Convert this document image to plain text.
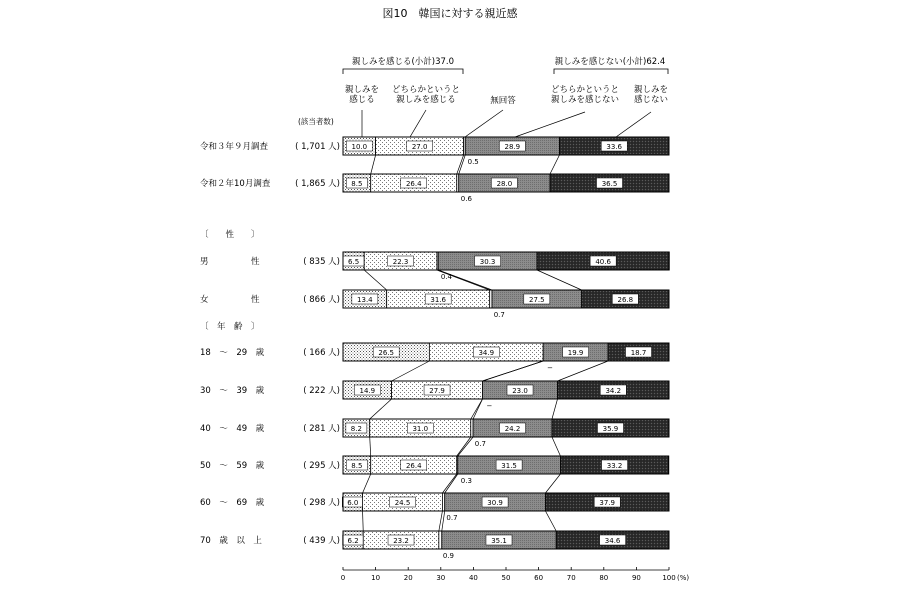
図10　韓国に対する親近感
(該当者数)
親しみを感じる(小計)37.0	親しみを感じない(小計)62.4
親しみを
感じる
どちらかというと
親しみを感じる	無回答
どちらかというと
親しみを感じない
親しみを
感じない
〔　　性　　〕
〔　年　齢　〕
令和３年９月調査	( 1,701 人) 10.0	27.0	28.9	33.6
0.5
令和２年10月調査	( 1,865 人) 8.5	26.4	28.0	36.5
0.6
男　　　　　性	( 835 人) 6.5	22.3	30.3	40.6
0.4
女　　　　　性	( 866 人) 13.4	31.6	27.5	26.8
0.7
18　〜　29　歳	( 166 人)	26.5	34.9	19.9	18.7
−
30　〜　39　歳	( 222 人)	14.9	27.9	23.0	34.2
−
40　〜　49　歳	( 281 人) 8.2	31.0	24.2	35.9
0.7
50　〜　59　歳	( 295 人) 8.5	26.4	31.5	33.2
0.3
60　〜　69　歳	( 298 人) 6.0	24.5	30.9	37.9
0.7
70　歳　以　上	( 439 人) 6.2	23.2	35.1	34.6
0.9
0	10	20	30	40	50	60	70	80	90	100 (%)
